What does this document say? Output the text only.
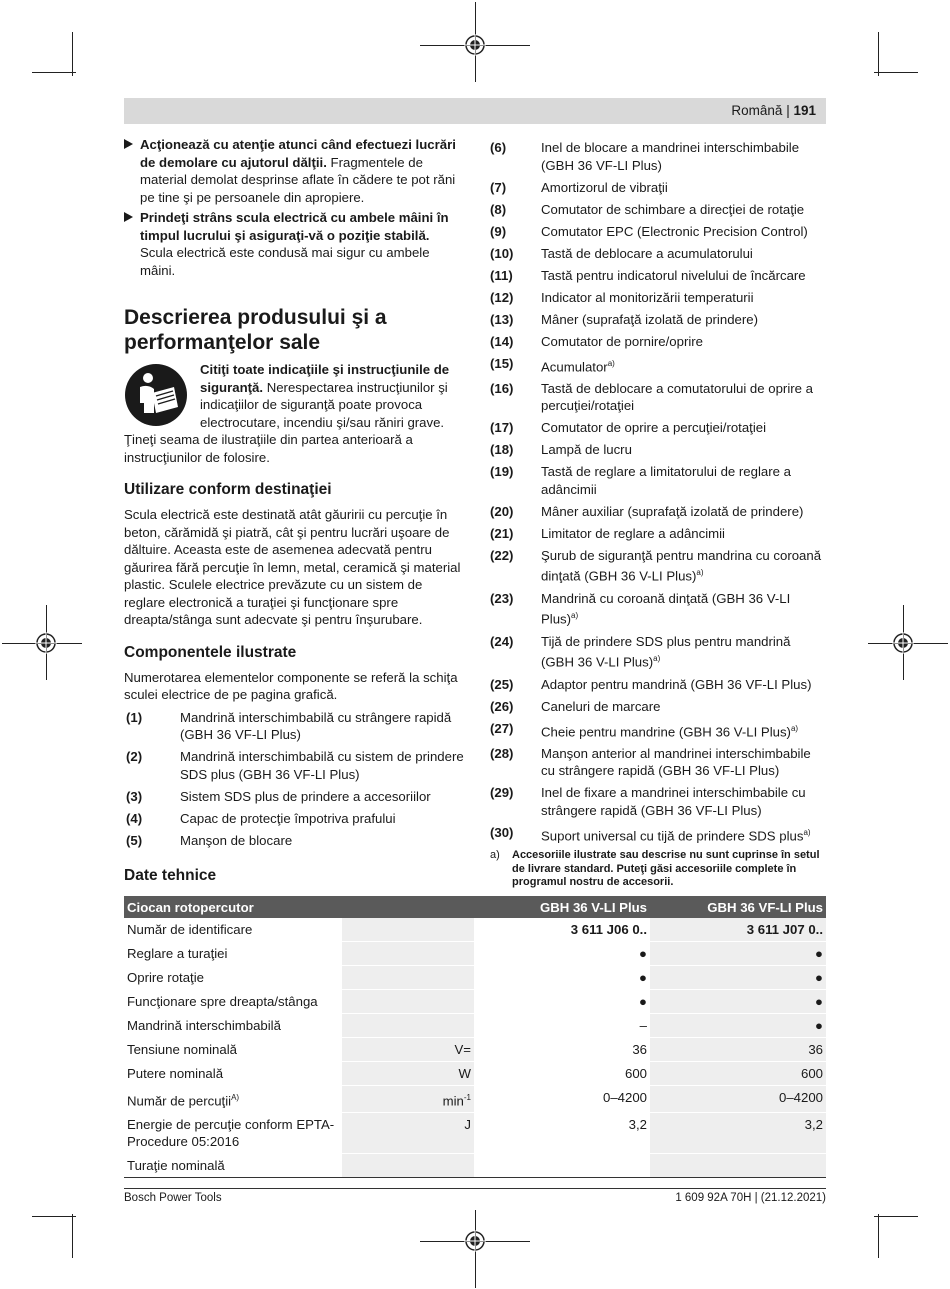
Română | 191
Acţionează cu atenţie atunci când efectuezi lucrări de demolare cu ajutorul dălţii. Fragmentele de material demolat desprinse aflate în cădere te pot răni pe tine şi pe persoanele din apropiere.
Prindeţi strâns scula electrică cu ambele mâini în timpul lucrului şi asiguraţi-vă o poziţie stabilă. Scula electrică este condusă mai sigur cu ambele mâini.
Descrierea produsului şi a performanţelor sale
Citiţi toate indicaţiile şi instrucţiunile de siguranţă. Nerespectarea instrucţiunilor şi indicaţiilor de siguranţă poate provoca electrocutare, incendiu şi/sau răniri grave.

Ţineţi seama de ilustraţiile din partea anterioară a instrucţiunilor de folosire.

Utilizare conform destinaţiei

Scula electrică este destinată atât găuririi cu percuţie în beton, cărămidă şi piatră, cât şi pentru lucrări uşoare de dăltuire. Aceasta este de asemenea adecvată pentru găurirea fără percuţie în lemn, metal, ceramică şi material plastic. Sculele electrice prevăzute cu un sistem de reglare electronică a turaţiei şi funcţionare spre dreapta/stânga sunt adecvate şi pentru înşurubare.

Componentele ilustrate

Numerotarea elementelor componente se referă la schiţa sculei electrice de pe pagina grafică.

(1)	Mandrină interschimbabilă cu strângere rapidă (GBH 36 VF-LI Plus)
(2)	Mandrină interschimbabilă cu sistem de prindere SDS plus (GBH 36 VF-LI Plus)
(3)	Sistem SDS plus de prindere a accesoriilor
(4)	Capac de protecţie împotriva prafului
(5)	Manşon de blocare
(6)	Inel de blocare a mandrinei interschimbabile (GBH 36 VF-LI Plus)
(7)	Amortizorul de vibraţii
(8)	Comutator de schimbare a direcţiei de rotaţie
(9)	Comutator EPC (Electronic Precision Control)
(10)	Tastă de deblocare a acumulatorului
(11)	Tastă pentru indicatorul nivelului de încărcare
(12)	Indicator al monitorizării temperaturii
(13)	Mâner (suprafaţă izolată de prindere)
(14)	Comutator de pornire/oprire
(15)	Acumulator$^{a)}$
(16)	Tastă de deblocare a comutatorului de oprire a percuţiei/rotaţiei
(17)	Comutator de oprire a percuţiei/rotaţiei
(18)	Lampă de lucru
(19)	Tastă de reglare a limitatorului de reglare a adâncimii
(20)	Mâner auxiliar (suprafaţă izolată de prindere)
(21)	Limitator de reglare a adâncimii
(22)	Şurub de siguranţă pentru mandrina cu coroană dinţată (GBH 36 V-LI Plus)$^{a)}$
(23)	Mandrină cu coroană dinţată (GBH 36 V-LI Plus)$^{a)}$
(24)	Tijă de prindere SDS plus pentru mandrină (GBH 36 V-LI Plus)$^{a)}$
(25)	Adaptor pentru mandrină (GBH 36 VF-LI Plus)
(26)	Caneluri de marcare
(27)	Cheie pentru mandrine (GBH 36 V-LI Plus)$^{a)}$
(28)	Manşon anterior al mandrinei interschimbabile cu strângere rapidă (GBH 36 VF-LI Plus)
(29)	Inel de fixare a mandrinei interschimbabile cu strângere rapidă (GBH 36 VF-LI Plus)
(30)	Suport universal cu tijă de prindere SDS plus$^{a)}$
a)	Accesoriile ilustrate sau descrise nu sunt cuprinse în setul de livrare standard. Puteţi găsi accesoriile complete în programul nostru de accesorii.
Date tehnice
Ciocan rotopercutor		GBH 36 V-LI Plus	GBH 36 VF-LI Plus
Număr de identificare		3 611 J06 0..	3 611 J07 0..
Reglare a turaţiei		●	●
Oprire rotaţie		●	●
Funcţionare spre dreapta/stânga		●	●
Mandrină interschimbabilă		–	●
Tensiune nominală	V=	36	36
Putere nominală	W	600	600
Număr de percuţii$^{A)}$	$\min^{-1}$	0–4200	0–4200
Energie de percuţie conform EPTA-Procedure 05:2016	J	3,2	3,2
Turaţie nominală			
Bosch Power Tools	1 609 92A 70H | (21.12.2021)
